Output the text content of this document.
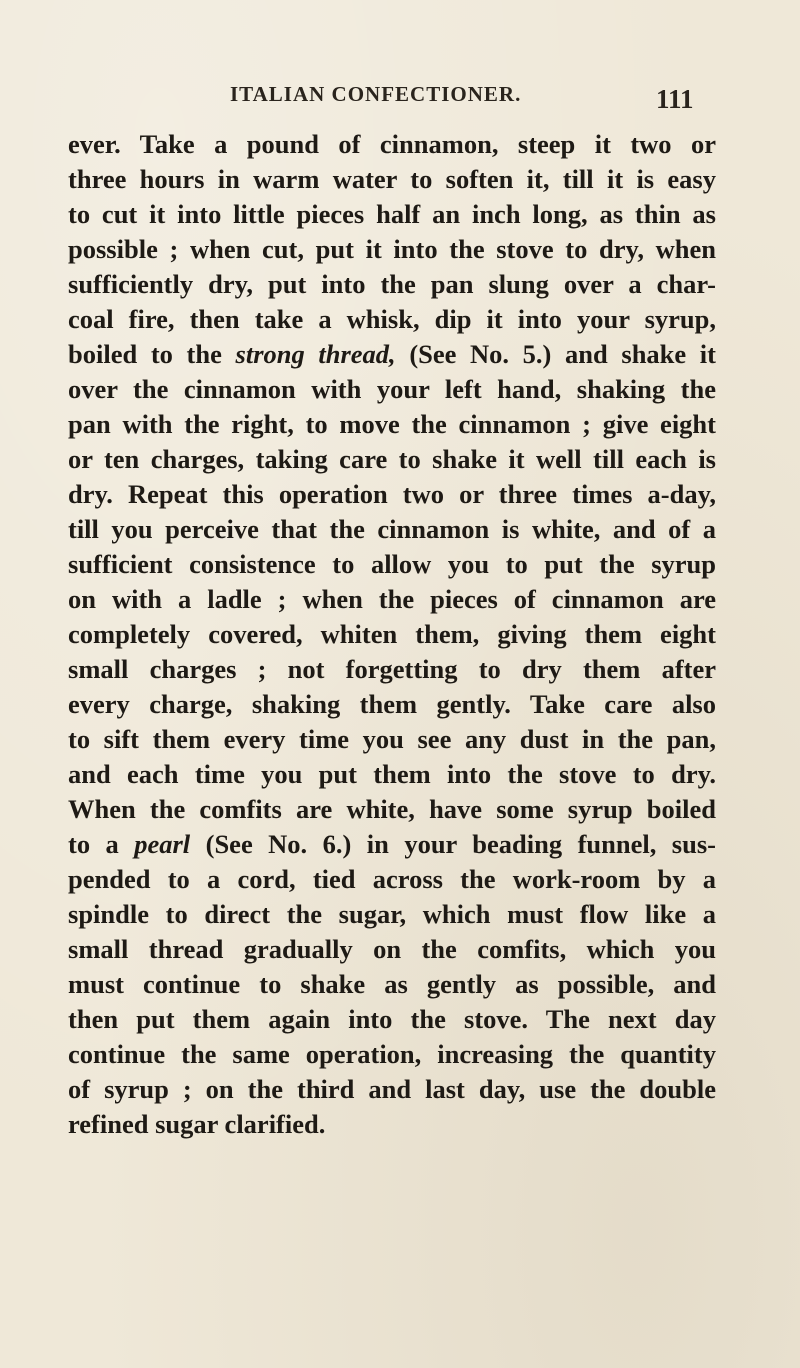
ITALIAN CONFECTIONER.	111
ever. Take a pound of cinnamon, steep it two or
three hours in warm water to soften it, till it is easy
to cut it into little pieces half an inch long, as thin as
possible ; when cut, put it into the stove to dry, when
sufficiently dry, put into the pan slung over a char-
coal fire, then take a whisk, dip it into your syrup,
boiled to the strong thread, (See No. 5.) and shake it
over the cinnamon with your left hand, shaking the
pan with the right, to move the cinnamon ; give eight
or ten charges, taking care to shake it well till each is
dry. Repeat this operation two or three times a-day,
till you perceive that the cinnamon is white, and of a
sufficient consistence to allow you to put the syrup
on with a ladle ; when the pieces of cinnamon are
completely covered, whiten them, giving them eight
small charges ; not forgetting to dry them after
every charge, shaking them gently. Take care also
to sift them every time you see any dust in the pan,
and each time you put them into the stove to dry.
When the comfits are white, have some syrup boiled
to a pearl (See No. 6.) in your beading funnel, sus-
pended to a cord, tied across the work-room by a
spindle to direct the sugar, which must flow like a
small thread gradually on the comfits, which you
must continue to shake as gently as possible, and
then put them again into the stove. The next day
continue the same operation, increasing the quantity
of syrup ; on the third and last day, use the double
refined sugar clarified.
